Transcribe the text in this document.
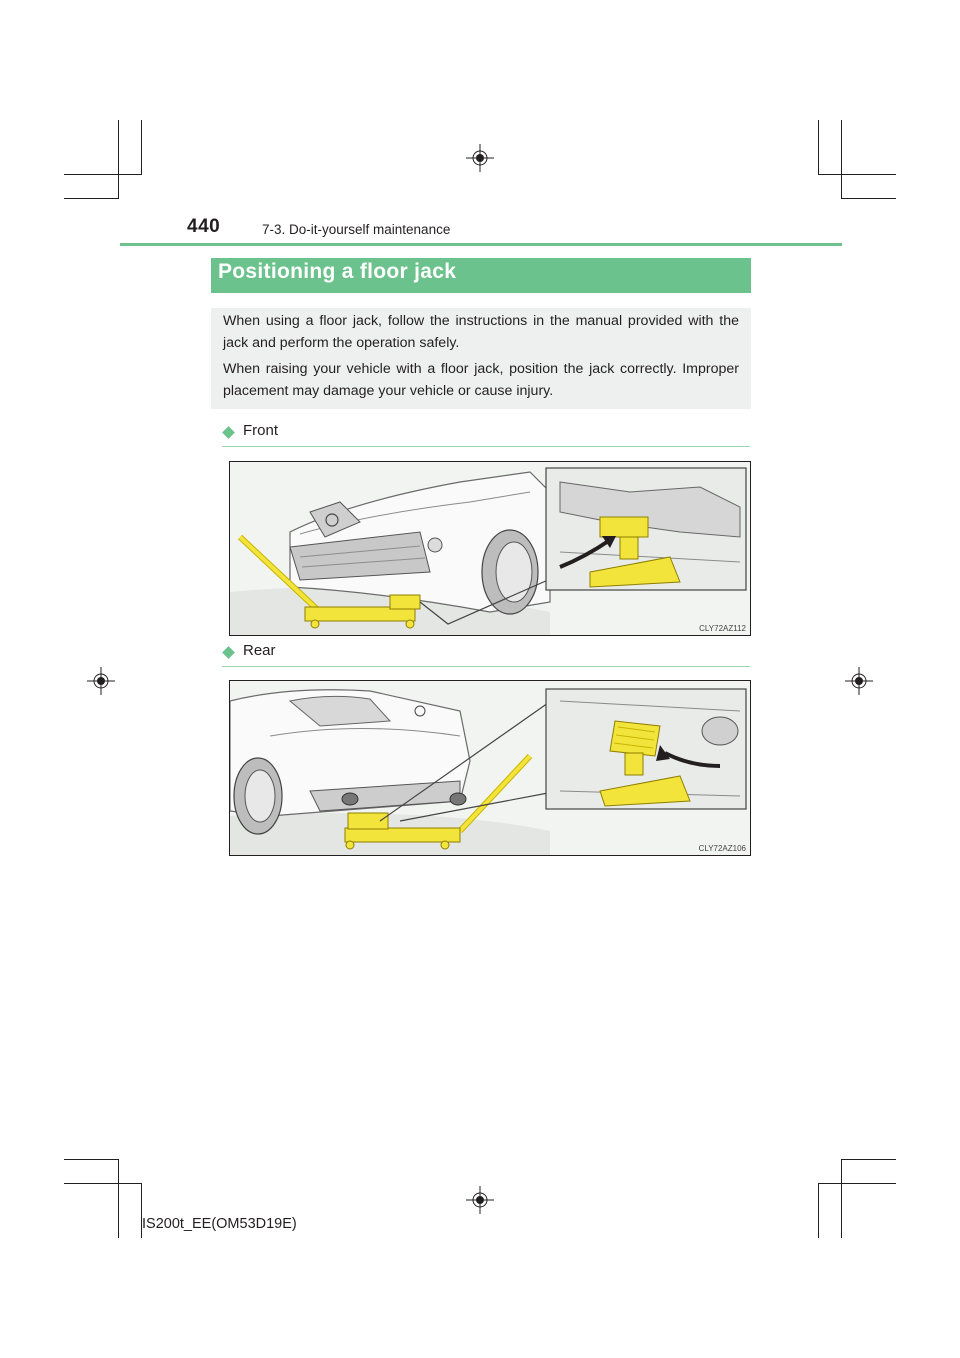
440	7-3. Do-it-yourself maintenance
Positioning a floor jack

When using a floor jack, follow the instructions in the manual provided with the jack and perform the operation safely.

When raising your vehicle with a floor jack, position the jack correctly. Improper placement may damage your vehicle or cause injury.

Front
CLY72AZ112
Rear
CLY72AZ106
IS200t_EE(OM53D19E)
